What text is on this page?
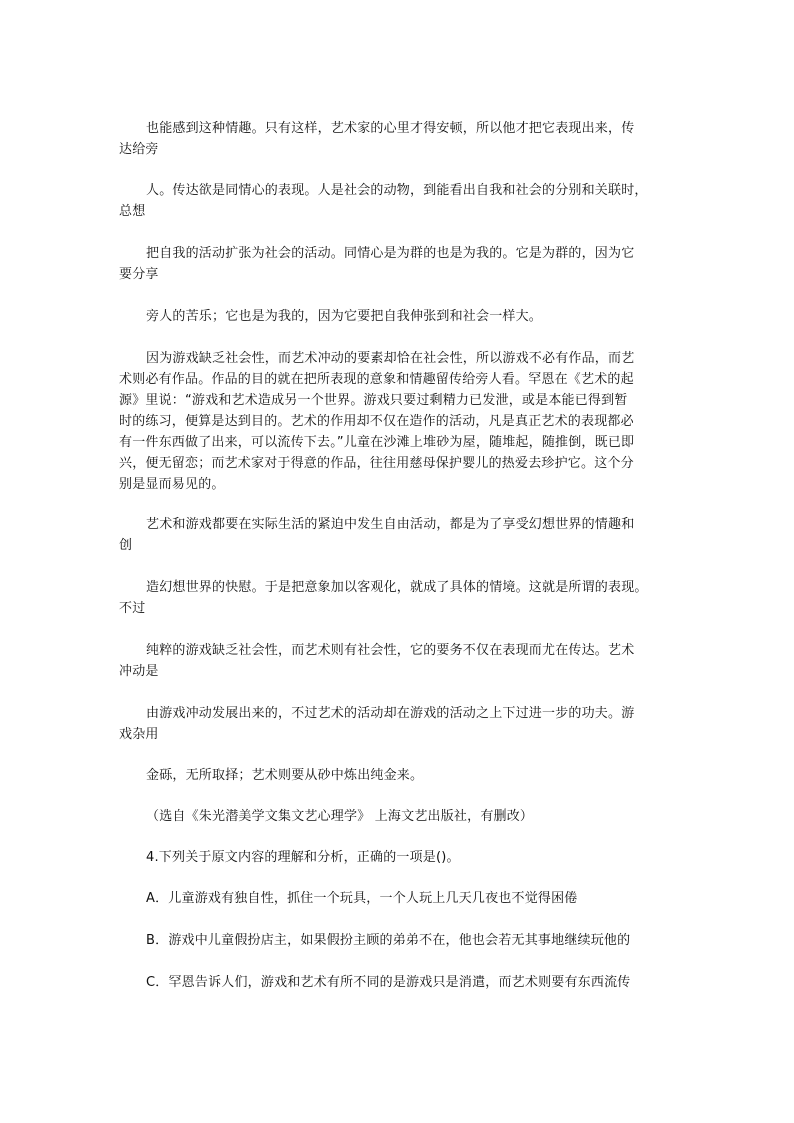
也能感到这种情趣。只有这样，艺术家的心里才得安顿，所以他才把它表现出来，传
达给旁
人。传达欲是同情心的表现。人是社会的动物，到能看出自我和社会的分别和关联时，
总想
把自我的活动扩张为社会的活动。同情心是为群的也是为我的。它是为群的，因为它
要分享
旁人的苦乐；它也是为我的，因为它要把自我伸张到和社会一样大。
因为游戏缺乏社会性，而艺术冲动的要素却恰在社会性，所以游戏不必有作品，而艺
术则必有作品。作品的目的就在把所表现的意象和情趣留传给旁人看。罕恩在《艺术的起
源》里说：“游戏和艺术造成另一个世界。游戏只要过剩精力已发泄，或是本能已得到暂
时的练习，便算是达到目的。艺术的作用却不仅在造作的活动，凡是真正艺术的表现都必
有一件东西做了出来，可以流传下去。”儿童在沙滩上堆砂为屋，随堆起，随推倒，既已即
兴，便无留恋；而艺术家对于得意的作品，往往用慈母保护婴儿的热爱去珍护它。这个分
别是显而易见的。
艺术和游戏都要在实际生活的紧迫中发生自由活动，都是为了享受幻想世界的情趣和
创
造幻想世界的快慰。于是把意象加以客观化，就成了具体的情境。这就是所谓的表现。
不过
纯粹的游戏缺乏社会性，而艺术则有社会性，它的要务不仅在表现而尤在传达。艺术
冲动是
由游戏冲动发展出来的，不过艺术的活动却在游戏的活动之上下过进一步的功夫。游
戏杂用
金砾，无所取择；艺术则要从砂中炼出纯金来。
（选自《朱光潜美学文集文艺心理学》 上海文艺出版社，有删改）
4.下列关于原文内容的理解和分析，正确的一项是()。
A．儿童游戏有独自性，抓住一个玩具，一个人玩上几天几夜也不觉得困倦
B．游戏中儿童假扮店主，如果假扮主顾的弟弟不在，他也会若无其事地继续玩他的
C．罕恩告诉人们，游戏和艺术有所不同的是游戏只是消遣，而艺术则要有东西流传
